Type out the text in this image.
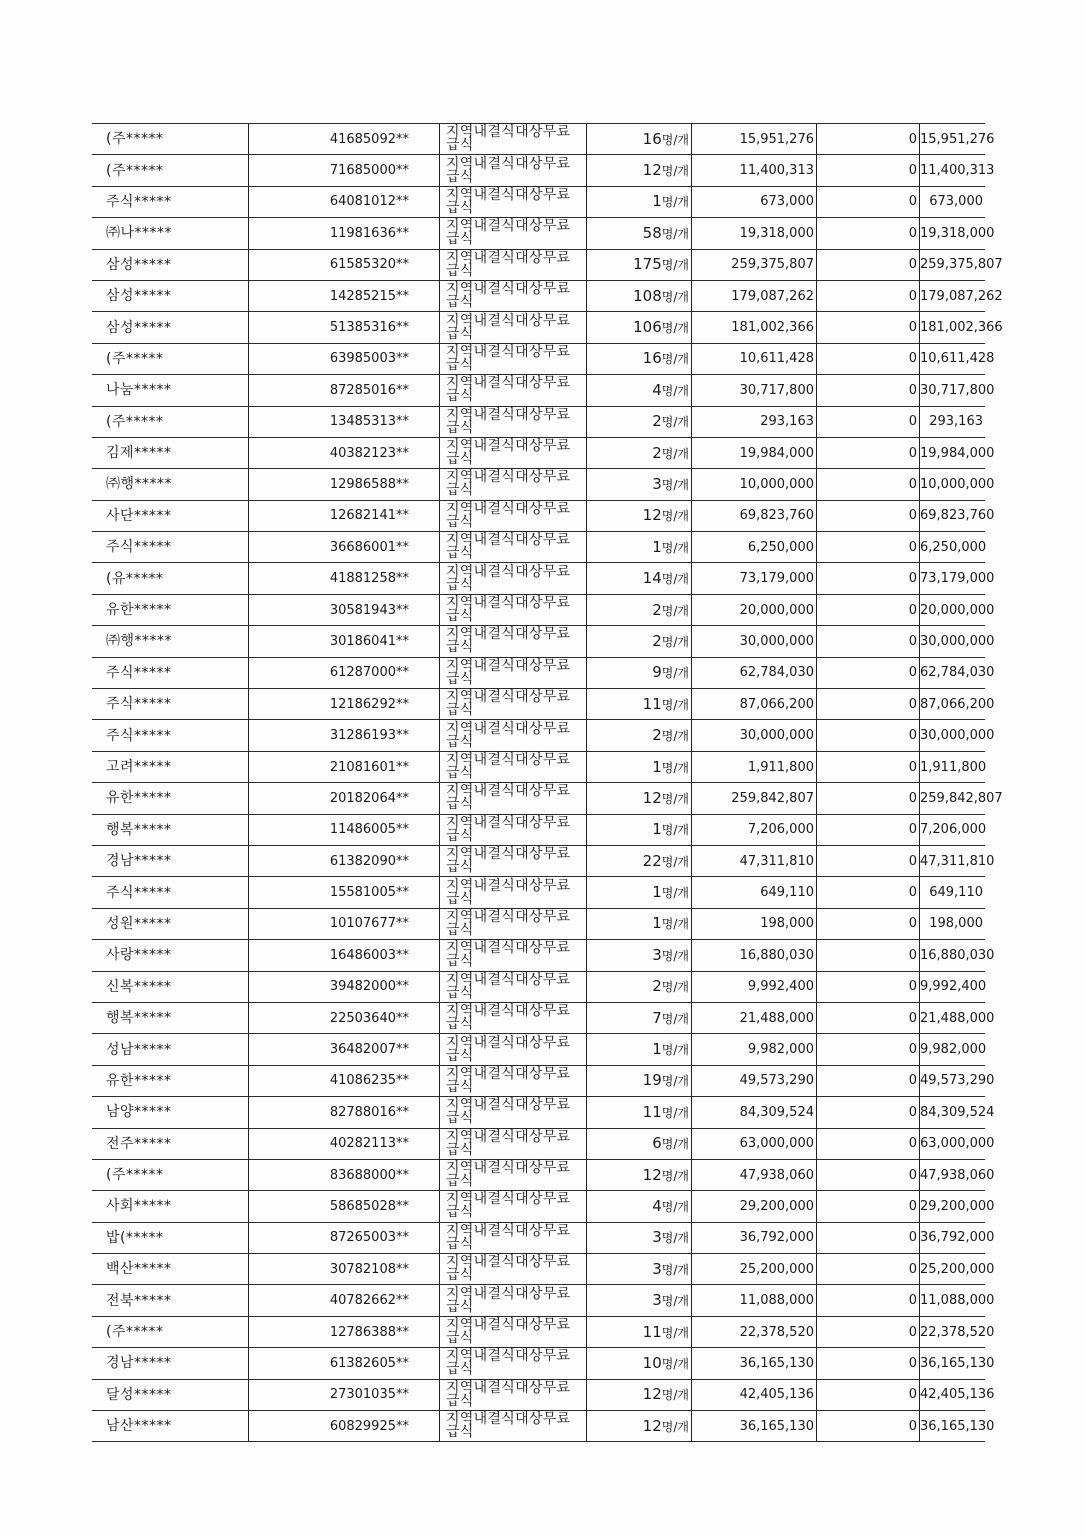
(주*****	41685092**	지역내결식대상무료급식	16명/개	15,951,276	0	15,951,276
(주*****	71685000**	지역내결식대상무료급식	12명/개	11,400,313	0	11,400,313
주식*****	64081012**	지역내결식대상무료급식	1명/개	673,000	0	673,000
㈜나*****	11981636**	지역내결식대상무료급식	58명/개	19,318,000	0	19,318,000
삼성*****	61585320**	지역내결식대상무료급식	175명/개	259,375,807	0	259,375,807
삼성*****	14285215**	지역내결식대상무료급식	108명/개	179,087,262	0	179,087,262
삼성*****	51385316**	지역내결식대상무료급식	106명/개	181,002,366	0	181,002,366
(주*****	63985003**	지역내결식대상무료급식	16명/개	10,611,428	0	10,611,428
나눔*****	87285016**	지역내결식대상무료급식	4명/개	30,717,800	0	30,717,800
(주*****	13485313**	지역내결식대상무료급식	2명/개	293,163	0	293,163
김제*****	40382123**	지역내결식대상무료급식	2명/개	19,984,000	0	19,984,000
㈜행*****	12986588**	지역내결식대상무료급식	3명/개	10,000,000	0	10,000,000
사단*****	12682141**	지역내결식대상무료급식	12명/개	69,823,760	0	69,823,760
주식*****	36686001**	지역내결식대상무료급식	1명/개	6,250,000	0	6,250,000
(유*****	41881258**	지역내결식대상무료급식	14명/개	73,179,000	0	73,179,000
유한*****	30581943**	지역내결식대상무료급식	2명/개	20,000,000	0	20,000,000
㈜행*****	30186041**	지역내결식대상무료급식	2명/개	30,000,000	0	30,000,000
주식*****	61287000**	지역내결식대상무료급식	9명/개	62,784,030	0	62,784,030
주식*****	12186292**	지역내결식대상무료급식	11명/개	87,066,200	0	87,066,200
주식*****	31286193**	지역내결식대상무료급식	2명/개	30,000,000	0	30,000,000
고려*****	21081601**	지역내결식대상무료급식	1명/개	1,911,800	0	1,911,800
유한*****	20182064**	지역내결식대상무료급식	12명/개	259,842,807	0	259,842,807
행복*****	11486005**	지역내결식대상무료급식	1명/개	7,206,000	0	7,206,000
경남*****	61382090**	지역내결식대상무료급식	22명/개	47,311,810	0	47,311,810
주식*****	15581005**	지역내결식대상무료급식	1명/개	649,110	0	649,110
성원*****	10107677**	지역내결식대상무료급식	1명/개	198,000	0	198,000
사랑*****	16486003**	지역내결식대상무료급식	3명/개	16,880,030	0	16,880,030
신복*****	39482000**	지역내결식대상무료급식	2명/개	9,992,400	0	9,992,400
행복*****	22503640**	지역내결식대상무료급식	7명/개	21,488,000	0	21,488,000
성남*****	36482007**	지역내결식대상무료급식	1명/개	9,982,000	0	9,982,000
유한*****	41086235**	지역내결식대상무료급식	19명/개	49,573,290	0	49,573,290
남양*****	82788016**	지역내결식대상무료급식	11명/개	84,309,524	0	84,309,524
전주*****	40282113**	지역내결식대상무료급식	6명/개	63,000,000	0	63,000,000
(주*****	83688000**	지역내결식대상무료급식	12명/개	47,938,060	0	47,938,060
사회*****	58685028**	지역내결식대상무료급식	4명/개	29,200,000	0	29,200,000
밥(*****	87265003**	지역내결식대상무료급식	3명/개	36,792,000	0	36,792,000
백산*****	30782108**	지역내결식대상무료급식	3명/개	25,200,000	0	25,200,000
전북*****	40782662**	지역내결식대상무료급식	3명/개	11,088,000	0	11,088,000
(주*****	12786388**	지역내결식대상무료급식	11명/개	22,378,520	0	22,378,520
경남*****	61382605**	지역내결식대상무료급식	10명/개	36,165,130	0	36,165,130
달성*****	27301035**	지역내결식대상무료급식	12명/개	42,405,136	0	42,405,136
남산*****	60829925**	지역내결식대상무료급식	12명/개	36,165,130	0	36,165,130
